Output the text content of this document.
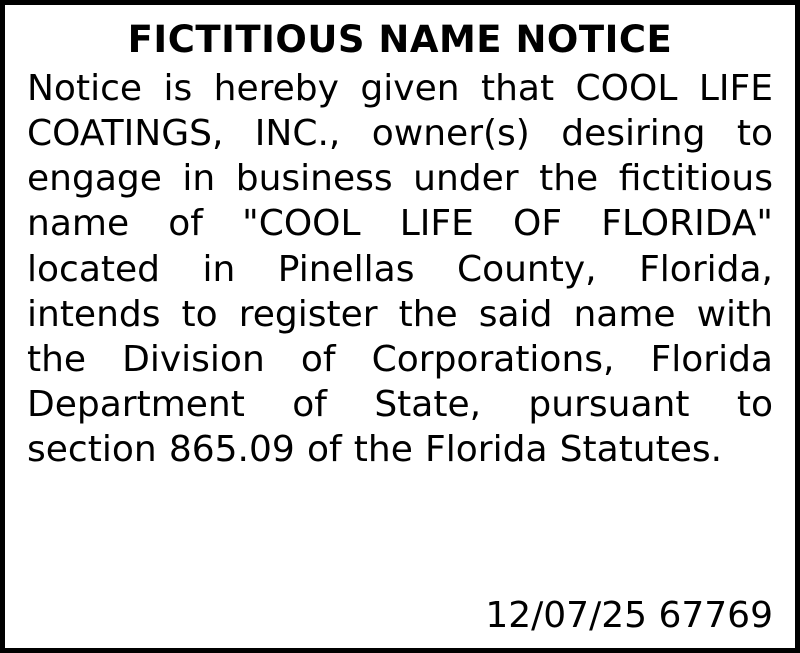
FICTITIOUS NAME NOTICE
Notice is hereby given that COOL LIFE COATINGS, INC., owner(s) desiring to engage in business under the fictitious name of "COOL LIFE OF FLORIDA" located in Pinellas County, Florida, intends to register the said name with the Division of Corporations, Florida Department of State, pursuant to section 865.09 of the Florida Statutes.
12/07/25 67769
